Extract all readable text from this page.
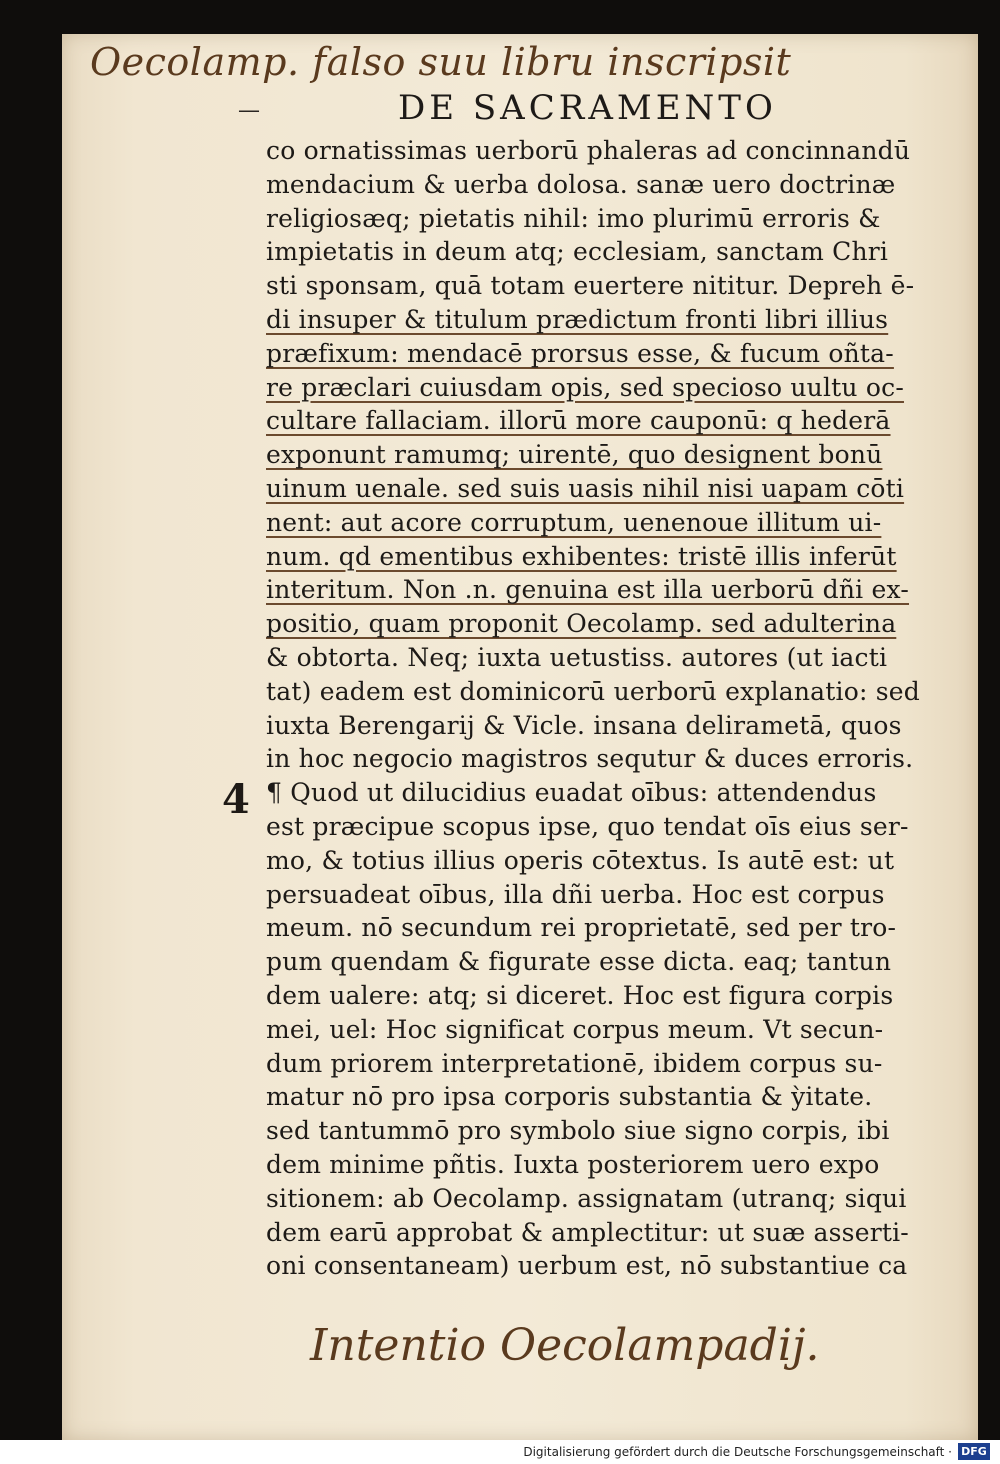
Oecolamp. falso suu libru inscripsit
—	DE SACRAMENTO
4
co ornatissimas uerborū phaleras ad concinnandū
mendacium & uerba dolosa. sanæ uero doctrinæ
religiosæq; pietatis nihil: imo plurimū erroris &
impietatis in deum atq; ecclesiam, sanctam Chri
sti sponsam, quā totam euertere nititur. Depreh ē-
di insuper & titulum prædictum fronti libri illius
præfixum: mendacē prorsus esse, & fucum oñta-
re præclari cuiusdam opis, sed specioso uultu oc-
cultare fallaciam. illorū more cauponū: q hederā
exponunt ramumq; uirentē, quo designent bonū
uinum uenale. sed suis uasis nihil nisi uapam cōti
nent: aut acore corruptum, uenenoue illitum ui-
num. qd ementibus exhibentes: tristē illis inferūt
interitum. Non .n. genuina est illa uerborū dñi ex-
positio, quam proponit Oecolamp. sed adulterina
& obtorta. Neq; iuxta uetustiss. autores (ut iacti
tat) eadem est dominicorū uerborū explanatio: sed
iuxta Berengarij & Vicle. insana delirametā, quos
in hoc negocio magistros sequtur & duces erroris.
¶ Quod ut dilucidius euadat oībus: attendendus
est præcipue scopus ipse, quo tendat oīs eius ser-
mo, & totius illius operis cōtextus. Is autē est: ut
persuadeat oībus, illa dñi uerba. Hoc est corpus
meum. nō secundum rei proprietatē, sed per tro-
pum quendam & figurate esse dicta. eaq; tantun
dem ualere: atq; si diceret. Hoc est figura corpis
mei, uel: Hoc significat corpus meum. Vt secun-
dum priorem interpretationē, ibidem corpus su-
matur nō pro ipsa corporis substantia & ỳitate.
sed tantummō pro symbolo siue signo corpis, ibi
dem minime pñtis. Iuxta posteriorem uero expo
sitionem: ab Oecolamp. assignatam (utranq; siqui
dem earū approbat & amplectitur: ut suæ asserti-
oni consentaneam) uerbum est, nō substantiue ca
Intentio Oecolampadij.
Digitalisierung gefördert durch die Deutsche Forschungsgemeinschaft · DFG
